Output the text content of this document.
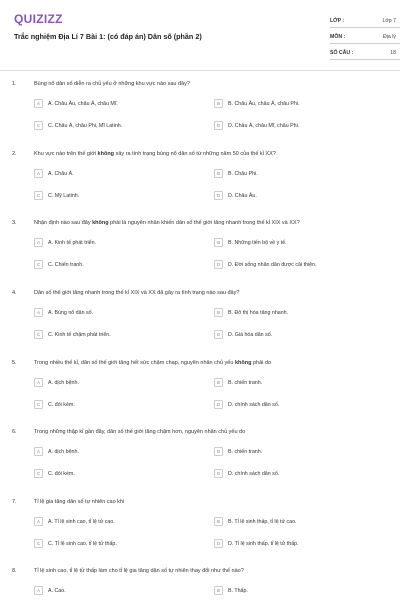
QUIZIZZ
Trắc nghiệm Địa Lí 7 Bài 1: (có đáp án) Dân số (phần 2)
LỚP :	Lớp 7
MÔN :	Địa lý
SỐ CÂU :	18
1.	Bùng nổ dân số diễn ra chủ yếu ở những khu vực nào sau đây?
A	A. Châu Âu, châu Á, châu Mĩ.	B	B. Châu Âu, châu Á, châu Phi.
C	C. Châu Á, châu Phi, Mĩ Latinh.	D	D. Châu Á, châu Mĩ, châu Phi.
2.	Khu vực nào trên thế giới không xảy ra tình trạng bùng nổ dân số từ những năm 50 của thế kỉ XX?
A	A. Châu Á.	B	B. Châu Phi.
C	C. Mỹ Latinh.	D	D. Châu Âu.
3.	Nhận định nào sau đây không phải là nguyên nhân khiến dân số thế giới tăng nhanh trong thế kỉ XIX và XX?
A	A. Kinh tế phát triển.	B	B. Những tiến bộ về y tế.
C	C. Chiến tranh.	D	D. Đời sống nhân dân được cải thiện.
4.	Dân số thế giới tăng nhanh trong thế kỉ XIX và XX đã gây ra tình trạng nào sau đây?
A	A. Bùng nổ dân số.	B	B. Đô thị hóa tăng nhanh.
C	C. Kinh tế chậm phát triển.	D	D. Già hóa dân số.
5.	Trong nhiều thế kỉ, dân số thế giới tăng hết sức chậm chạp, nguyên nhân chủ yếu không phải do
A	A. dịch bệnh.	B	B. chiến tranh.
C	C. đói kém.	D	D. chính sách dân số.
6.	Trong những thập kỉ gần đây, dân số thế giới tăng chậm hơn, nguyên nhân chủ yếu do
A	A. dịch bệnh.	B	B. chiến tranh.
C	C. đói kém.	D	D. chính sách dân số.
7.	Tỉ lệ gia tăng dân số tự nhiên cao khi
A	A. Tỉ lệ sinh cao, tỉ lệ tử cao.	B	B. Tỉ lệ sinh thấp, tỉ lệ tử cao.
C	C. Tỉ lệ sinh cao, tỉ lệ tử thấp.	D	D. Tỉ lệ sinh thấp, tỉ lệ tử thấp.
8.	Tỉ lệ sinh cao, tỉ lệ tử thấp làm cho tỉ lệ gia tăng dân số tự nhiên thay đổi như thế nào?
A	A. Cao.	B	B. Thấp.
